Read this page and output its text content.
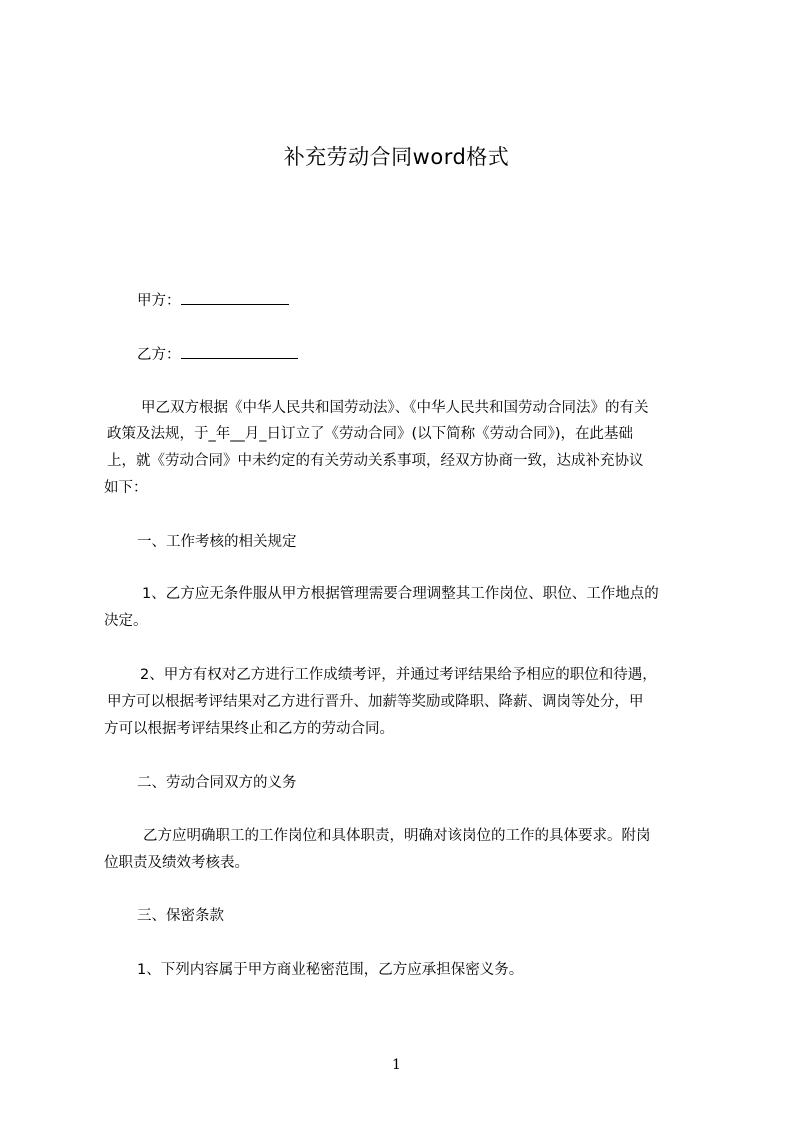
补充劳动合同word格式
甲方：
乙方：
甲乙双方根据《中华人民共和国劳动法》、《中华人民共和国劳动合同法》的有关
政策及法规，于_年__月_日订立了《劳动合同》(以下简称《劳动合同》)，在此基础
上，就《劳动合同》中未约定的有关劳动关系事项，经双方协商一致，达成补充协议
如下：
一、工作考核的相关规定
1、乙方应无条件服从甲方根据管理需要合理调整其工作岗位、职位、工作地点的
决定。
2、甲方有权对乙方进行工作成绩考评，并通过考评结果给予相应的职位和待遇，
甲方可以根据考评结果对乙方进行晋升、加薪等奖励或降职、降薪、调岗等处分，甲
方可以根据考评结果终止和乙方的劳动合同。
二、劳动合同双方的义务
乙方应明确职工的工作岗位和具体职责，明确对该岗位的工作的具体要求。附岗
位职责及绩效考核表。
三、保密条款
1、下列内容属于甲方商业秘密范围，乙方应承担保密义务。
1
